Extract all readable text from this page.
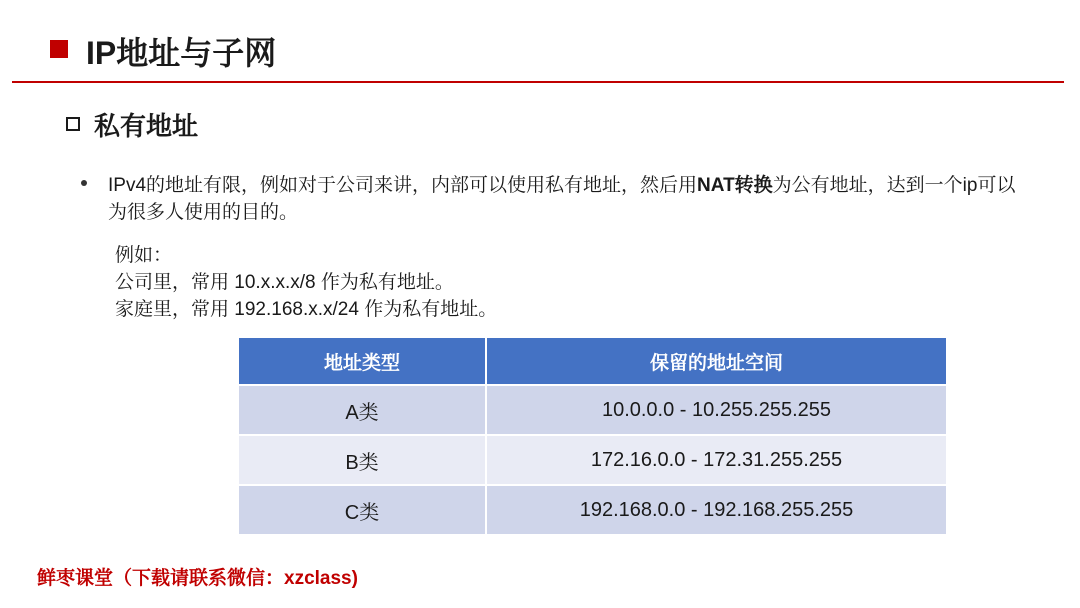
IP地址与子网
私有地址
IPv4的地址有限，例如对于公司来讲，内部可以使用私有地址，然后用NAT转换为公有地址，达到一个ip可以为很多人使用的目的。
例如：
公司里，常用 10.x.x.x/8 作为私有地址。
家庭里，常用 192.168.x.x/24 作为私有地址。
地址类型	保留的地址空间
A类	10.0.0.0 - 10.255.255.255
B类	172.16.0.0 - 172.31.255.255
C类	192.168.0.0 - 192.168.255.255
鲜枣课堂（下载请联系微信：xzclass)
